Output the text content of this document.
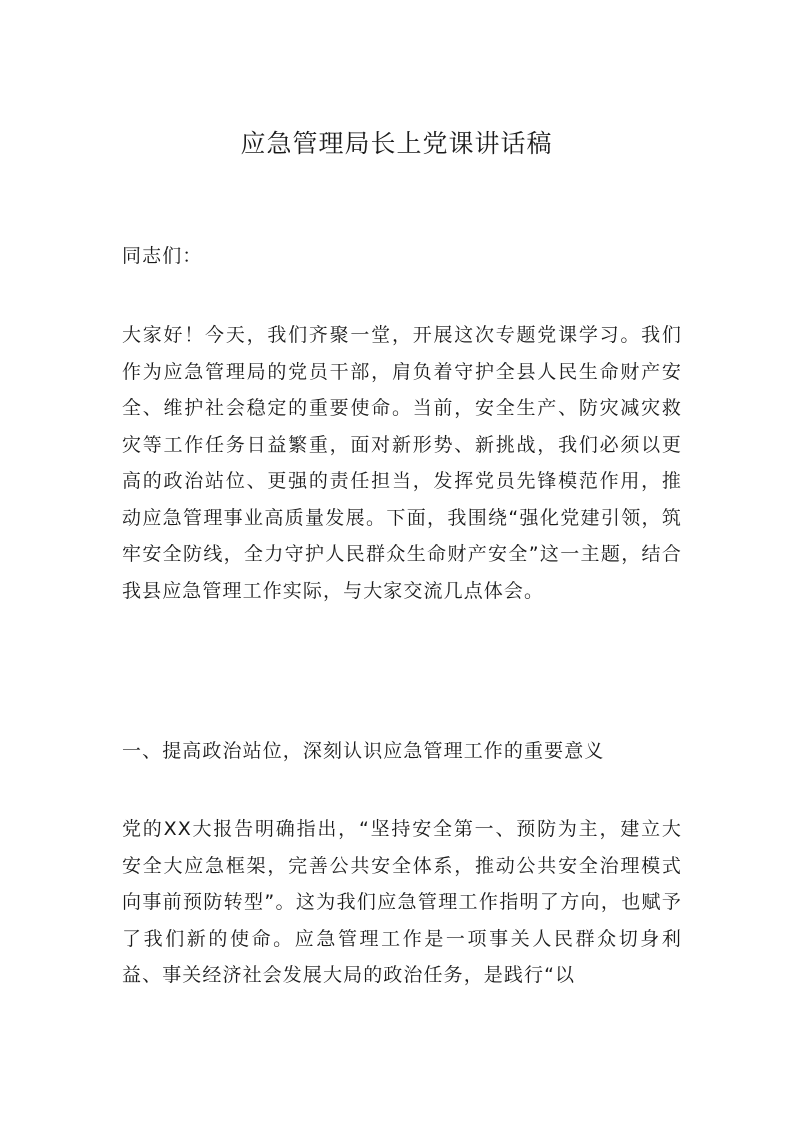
应急管理局长上党课讲话稿

同志们：

大家好！今天，我们齐聚一堂，开展这次专题党课学习。我们作为应急管理局的党员干部，肩负着守护全县人民生命财产安全、维护社会稳定的重要使命。当前，安全生产、防灾减灾救灾等工作任务日益繁重，面对新形势、新挑战，我们必须以更高的政治站位、更强的责任担当，发挥党员先锋模范作用，推动应急管理事业高质量发展。下面，我围绕“强化党建引领，筑牢安全防线，全力守护人民群众生命财产安全”这一主题，结合我县应急管理工作实际，与大家交流几点体会。

一、提高政治站位，深刻认识应急管理工作的重要意义

党的XX大报告明确指出，“坚持安全第一、预防为主，建立大安全大应急框架，完善公共安全体系，推动公共安全治理模式向事前预防转型”。这为我们应急管理工作指明了方向，也赋予了我们新的使命。应急管理工作是一项事关人民群众切身利益、事关经济社会发展大局的政治任务，是践行“以
